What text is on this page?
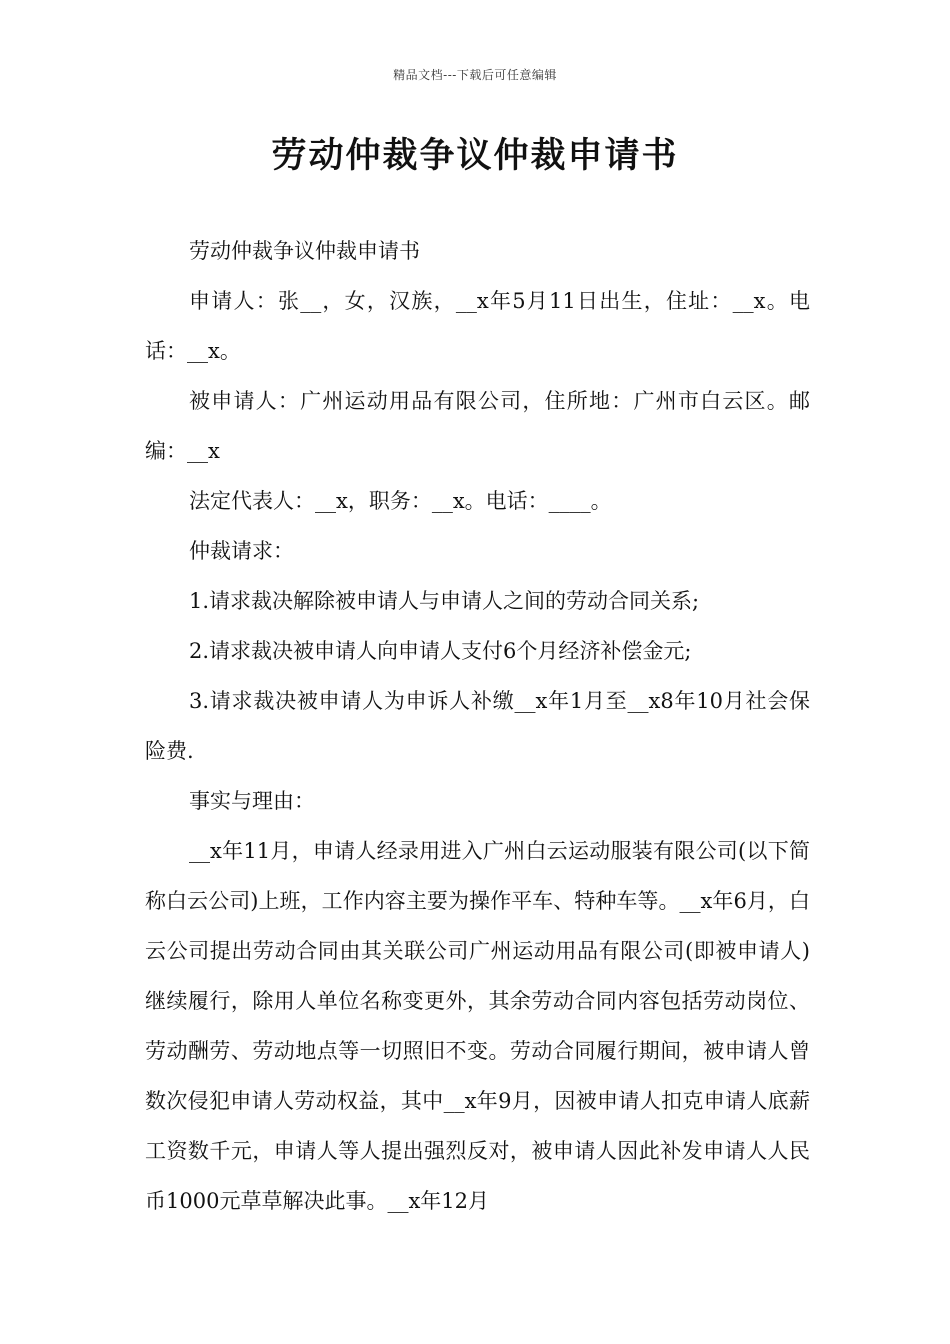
精品文档---下载后可任意编辑
劳动仲裁争议仲裁申请书

劳动仲裁争议仲裁申请书

申请人：张__，女，汉族，__x年5月11日出生，住址：__x。电话：__x。

被申请人：广州运动用品有限公司，住所地：广州市白云区。邮编：__x

法定代表人：__x，职务：__x。电话：____。

仲裁请求：

1.请求裁决解除被申请人与申请人之间的劳动合同关系;

2.请求裁决被申请人向申请人支付6个月经济补偿金元;

3.请求裁决被申请人为申诉人补缴__x年1月至__x8年10月社会保险费.

事实与理由：

__x年11月，申请人经录用进入广州白云运动服装有限公司(以下简称白云公司)上班，工作内容主要为操作平车、特种车等。__x年6月，白云公司提出劳动合同由其关联公司广州运动用品有限公司(即被申请人)继续履行，除用人单位名称变更外，其余劳动合同内容包括劳动岗位、劳动酬劳、劳动地点等一切照旧不变。劳动合同履行期间，被申请人曾数次侵犯申请人劳动权益，其中__x年9月，因被申请人扣克申请人底薪工资数千元，申请人等人提出强烈反对，被申请人因此补发申请人人民币1000元草草解决此事。__x年12月
